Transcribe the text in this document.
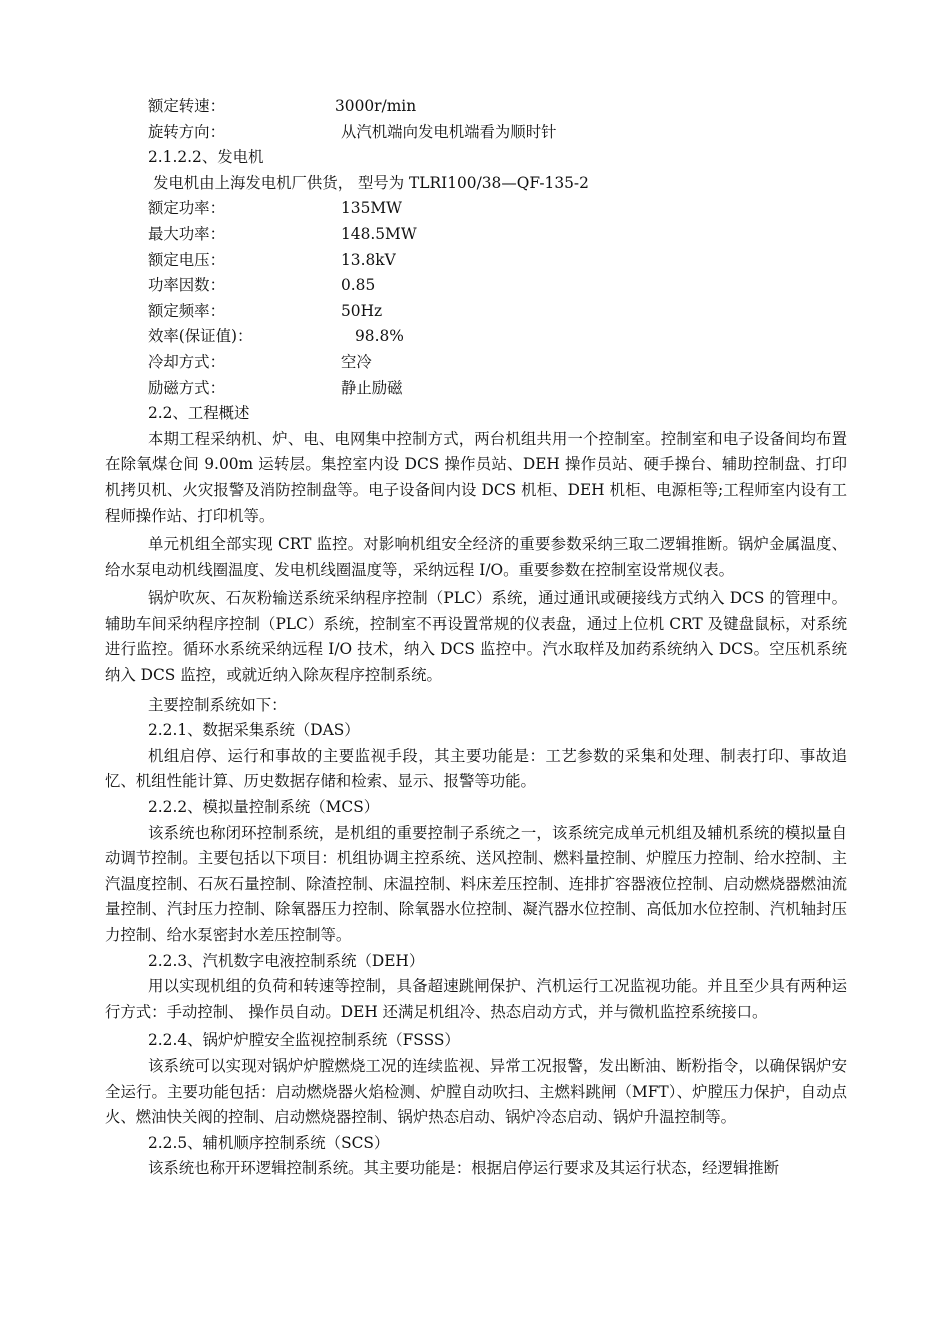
额定转速：	3000r/min
旋转方向：	从汽机端向发电机端看为顺时针
2.1.2.2、发电机
发电机由上海发电机厂供货， 型号为 TLRI100/38—QF-135-2
额定功率：	135MW
最大功率：	148.5MW
额定电压：	13.8kV
功率因数：	0.85
额定频率：	50Hz
效率(保证值)：	98.8%
冷却方式：	空冷
励磁方式：	静止励磁
2.2、工程概述

本期工程采纳机、炉、电、电网集中控制方式，两台机组共用一个控制室。控制室和电子设备间均布置在除氧煤仓间 9.00m 运转层。集控室内设 DCS 操作员站、DEH 操作员站、硬手操台、辅助控制盘、打印机拷贝机、火灾报警及消防控制盘等。电子设备间内设 DCS 机柜、DEH 机柜、电源柜等;工程师室内设有工程师操作站、打印机等。

单元机组全部实现 CRT 监控。对影响机组安全经济的重要参数采纳三取二逻辑推断。锅炉金属温度、给水泵电动机线圈温度、发电机线圈温度等，采纳远程 I/O。重要参数在控制室设常规仪表。

锅炉吹灰、石灰粉输送系统采纳程序控制（PLC）系统，通过通讯或硬接线方式纳入 DCS 的管理中。辅助车间采纳程序控制（PLC）系统，控制室不再设置常规的仪表盘，通过上位机 CRT 及键盘鼠标，对系统进行监控。循环水系统采纳远程 I/O 技术，纳入 DCS 监控中。汽水取样及加药系统纳入 DCS。空压机系统纳入 DCS 监控，或就近纳入除灰程序控制系统。

主要控制系统如下：

2.2.1、数据采集系统（DAS）

机组启停、运行和事故的主要监视手段，其主要功能是：工艺参数的采集和处理、制表打印、事故追忆、机组性能计算、历史数据存储和检索、显示、报警等功能。

2.2.2、模拟量控制系统（MCS）

该系统也称闭环控制系统，是机组的重要控制子系统之一，该系统完成单元机组及辅机系统的模拟量自动调节控制。主要包括以下项目：机组协调主控系统、送风控制、燃料量控制、炉膛压力控制、给水控制、主汽温度控制、石灰石量控制、除渣控制、床温控制、料床差压控制、连排扩容器液位控制、启动燃烧器燃油流量控制、汽封压力控制、除氧器压力控制、除氧器水位控制、凝汽器水位控制、高低加水位控制、汽机轴封压力控制、给水泵密封水差压控制等。

2.2.3、汽机数字电液控制系统（DEH）

用以实现机组的负荷和转速等控制，具备超速跳闸保护、汽机运行工况监视功能。并且至少具有两种运行方式：手动控制、 操作员自动。DEH 还满足机组冷、热态启动方式，并与微机监控系统接口。

2.2.4、锅炉炉膛安全监视控制系统（FSSS）

该系统可以实现对锅炉炉膛燃烧工况的连续监视、异常工况报警，发出断油、断粉指令，以确保锅炉安全运行。主要功能包括：启动燃烧器火焰检测、炉膛自动吹扫、主燃料跳闸（MFT）、炉膛压力保护，自动点火、燃油快关阀的控制、启动燃烧器控制、锅炉热态启动、锅炉冷态启动、锅炉升温控制等。

2.2.5、辅机顺序控制系统（SCS）

该系统也称开环逻辑控制系统。其主要功能是：根据启停运行要求及其运行状态，经逻辑推断
